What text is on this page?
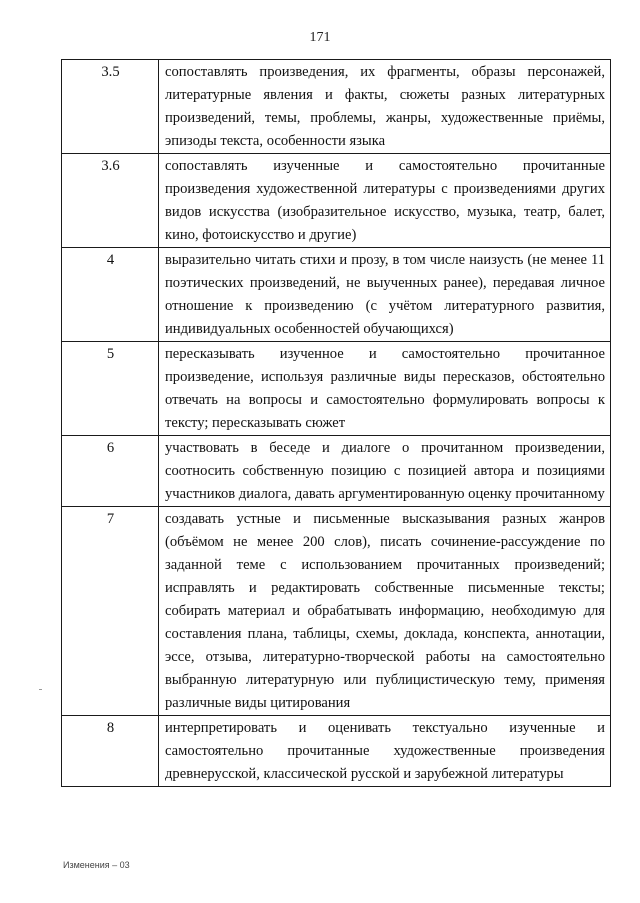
171
3.5	сопоставлять произведения, их фрагменты, образы персонажей, литературные явления и факты, сюжеты разных литературных произведений, темы, проблемы, жанры, художественные приёмы, эпизоды текста, особенности языка
3.6	сопоставлять изученные и самостоятельно прочитанные произведения художественной литературы с произведениями других видов искусства (изобразительное искусство, музыка, театр, балет, кино, фотоискусство и другие)
4	выразительно читать стихи и прозу, в том числе наизусть (не менее 11 поэтических произведений, не выученных ранее), передавая личное отношение к произведению (с учётом литературного развития, индивидуальных особенностей обучающихся)
5	пересказывать изученное и самостоятельно прочитанное произведение, используя различные виды пересказов, обстоятельно отвечать на вопросы и самостоятельно формулировать вопросы к тексту; пересказывать сюжет
6	участвовать в беседе и диалоге о прочитанном произведении, соотносить собственную позицию с позицией автора и позициями участников диалога, давать аргументированную оценку прочитанному
7	создавать устные и письменные высказывания разных жанров (объёмом не менее 200 слов), писать сочинение-рассуждение по заданной теме с использованием прочитанных произведений; исправлять и редактировать собственные письменные тексты; собирать материал и обрабатывать информацию, необходимую для составления плана, таблицы, схемы, доклада, конспекта, аннотации, эссе, отзыва, литературно-творческой работы на самостоятельно выбранную литературную или публицистическую тему, применяя различные виды цитирования
8	интерпретировать и оценивать текстуально изученные и самостоятельно прочитанные художественные произведения древнерусской, классической русской и зарубежной литературы
Изменения – 03
